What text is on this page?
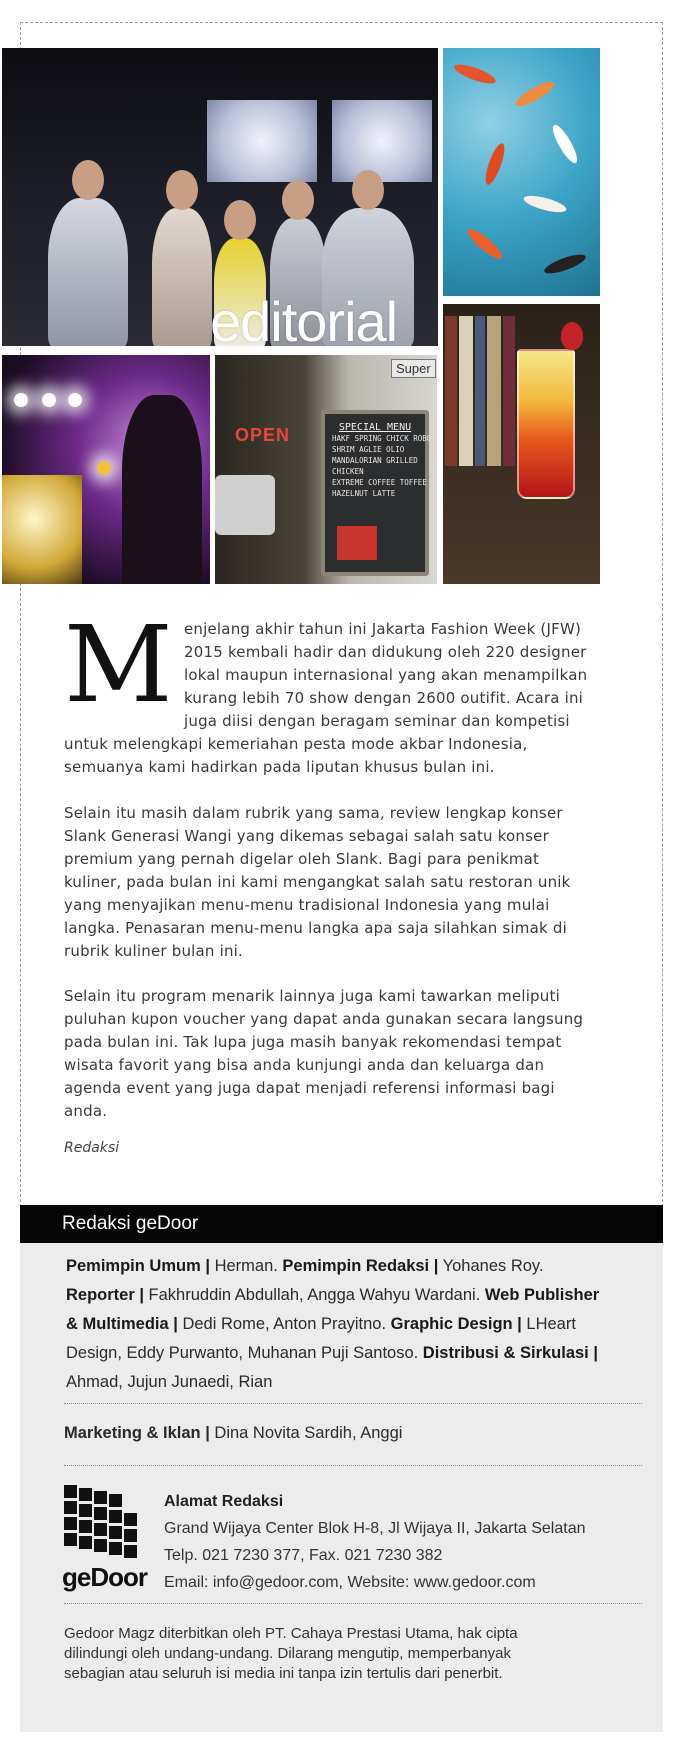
editorial
OPEN
Super
SPECIAL MENU
HAKF SPRING CHICK ROBO
SHRIM AGLIE OLIO
MANDALORIAN GRILLED
CHICKEN
EXTREME COFFEE TOFFEE
HAZELNUT LATTE
M enjelang akhir tahun ini Jakarta Fashion Week (JFW)
2015 kembali hadir dan didukung oleh 220 designer
lokal maupun internasional yang akan menampilkan
kurang lebih 70 show dengan 2600 outifit. Acara ini
juga diisi dengan beragam seminar dan kompetisi
untuk melengkapi kemeriahan pesta mode akbar Indonesia,
semuanya kami hadirkan pada liputan khusus bulan ini.
Selain itu masih dalam rubrik yang sama, review lengkap konser
Slank Generasi Wangi yang dikemas sebagai salah satu konser
premium yang pernah digelar oleh Slank. Bagi para penikmat
kuliner, pada bulan ini kami mengangkat salah satu restoran unik
yang menyajikan menu-menu tradisional Indonesia yang mulai
langka. Penasaran menu-menu langka apa saja silahkan simak di
rubrik kuliner bulan ini.
Selain itu program menarik lainnya juga kami tawarkan meliputi
puluhan kupon voucher yang dapat anda gunakan secara langsung
pada bulan ini. Tak lupa juga masih banyak rekomendasi tempat
wisata favorit yang bisa anda kunjungi anda dan keluarga dan
agenda event yang juga dapat menjadi referensi informasi bagi
anda.
Redaksi
Redaksi geDoor
Pemimpin Umum | Herman. Pemimpin Redaksi | Yohanes Roy.
Reporter | Fakhruddin Abdullah, Angga Wahyu Wardani. Web Publisher
& Multimedia | Dedi Rome, Anton Prayitno. Graphic Design | LHeart
Design, Eddy Purwanto, Muhanan Puji Santoso. Distribusi & Sirkulasi |
Ahmad, Jujun Junaedi, Rian
Marketing & Iklan | Dina Novita Sardih, Anggi
geDoor
Alamat Redaksi
Grand Wijaya Center Blok H-8, Jl Wijaya II, Jakarta Selatan
Telp. 021 7230 377, Fax. 021 7230 382
Email: info@gedoor.com, Website: www.gedoor.com
Gedoor Magz diterbitkan oleh PT. Cahaya Prestasi Utama, hak cipta
dilindungi oleh undang-undang. Dilarang mengutip, memperbanyak
sebagian atau seluruh isi media ini tanpa izin tertulis dari penerbit.
